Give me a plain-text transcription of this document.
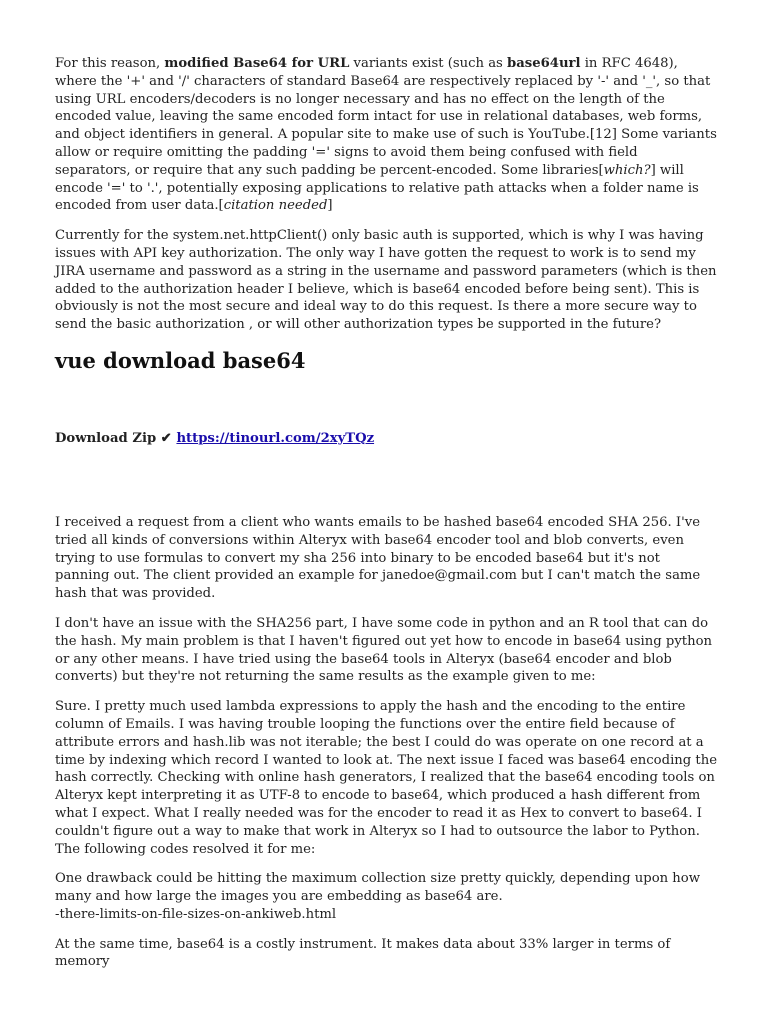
For this reason, modified Base64 for URL variants exist (such as base64url in RFC 4648), where the '+' and '/' characters of standard Base64 are respectively replaced by '-' and '_', so that using URL encoders/decoders is no longer necessary and has no effect on the length of the encoded value, leaving the same encoded form intact for use in relational databases, web forms, and object identifiers in general. A popular site to make use of such is YouTube.[12] Some variants allow or require omitting the padding '=' signs to avoid them being confused with field separators, or require that any such padding be percent-encoded. Some libraries[which?] will encode '=' to '.', potentially exposing applications to relative path attacks when a folder name is encoded from user data.[citation needed]

Currently for the system.net.httpClient() only basic auth is supported, which is why I was having issues with API key authorization. The only way I have gotten the request to work is to send my JIRA username and password as a string in the username and password parameters (which is then added to the authorization header I believe, which is base64 encoded before being sent). This is obviously is not the most secure and ideal way to do this request. Is there a more secure way to send the basic authorization , or will other authorization types be supported in the future?

vue download base64
Download Zip ✔ https://tinourl.com/2xyTQz

I received a request from a client who wants emails to be hashed base64 encoded SHA 256. I've tried all kinds of conversions within Alteryx with base64 encoder tool and blob converts, even trying to use formulas to convert my sha 256 into binary to be encoded base64 but it's not panning out. The client provided an example for janedoe@gmail.com but I can't match the same hash that was provided.

I don't have an issue with the SHA256 part, I have some code in python and an R tool that can do the hash. My main problem is that I haven't figured out yet how to encode in base64 using python or any other means. I have tried using the base64 tools in Alteryx (base64 encoder and blob converts) but they're not returning the same results as the example given to me:

Sure. I pretty much used lambda expressions to apply the hash and the encoding to the entire column of Emails. I was having trouble looping the functions over the entire field because of attribute errors and hash.lib was not iterable; the best I could do was operate on one record at a time by indexing which record I wanted to look at. The next issue I faced was base64 encoding the hash correctly. Checking with online hash generators, I realized that the base64 encoding tools on Alteryx kept interpreting it as UTF-8 to encode to base64, which produced a hash different from what I expect. What I really needed was for the encoder to read it as Hex to convert to base64. I couldn't figure out a way to make that work in Alteryx so I had to outsource the labor to Python. The following codes resolved it for me:

One drawback could be hitting the maximum collection size pretty quickly, depending upon how many and how large the images you are embedding as base64 are.
-there-limits-on-file-sizes-on-ankiweb.html

At the same time, base64 is a costly instrument. It makes data about 33% larger in terms of memory
